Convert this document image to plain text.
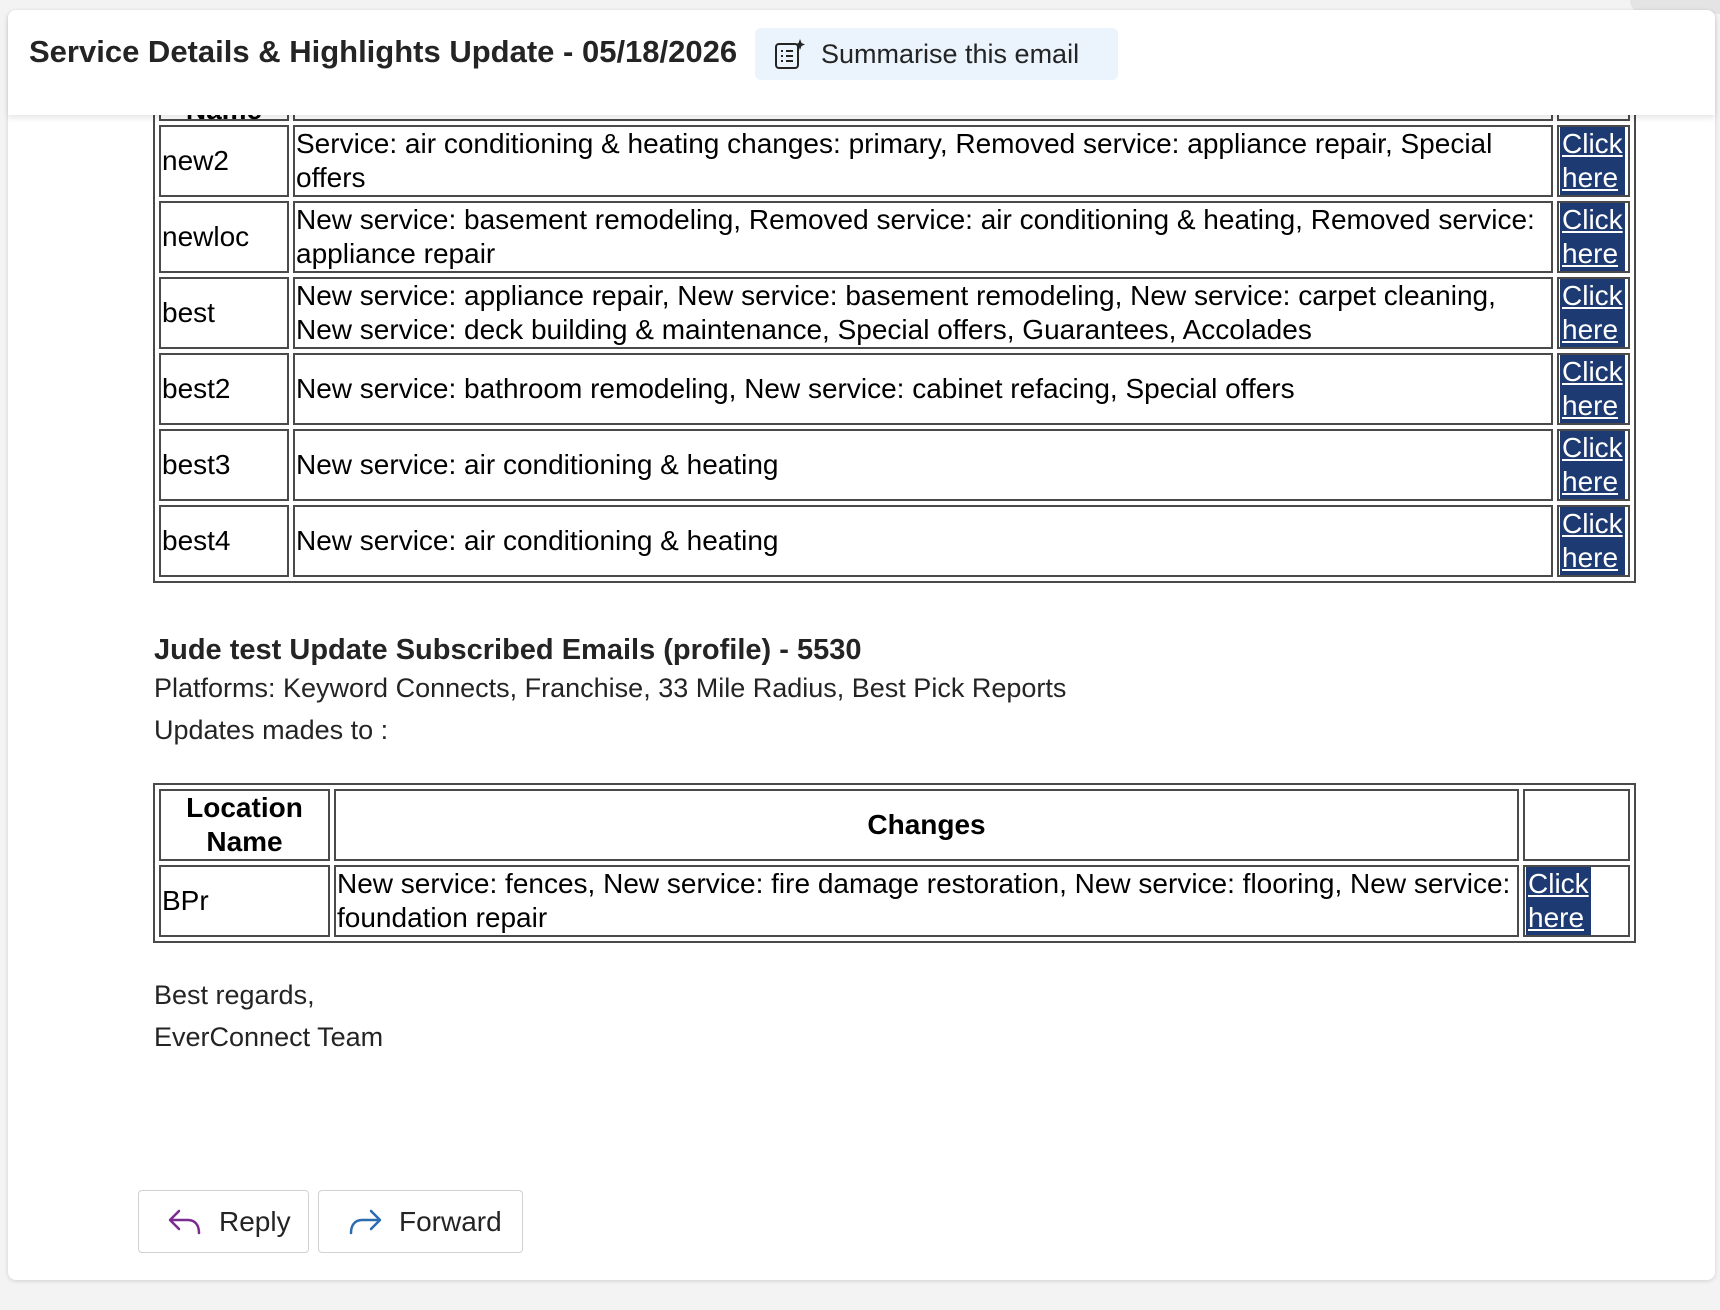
new2	Service: air conditioning & heating changes: primary, Removed service: appliance repair, Special offers	Click
here
newloc	New service: basement remodeling, Removed service: air conditioning & heating, Removed service: appliance repair	Click
here
best	New service: appliance repair, New service: basement remodeling, New service: carpet cleaning, New service: deck building & maintenance, Special offers, Guarantees, Accolades	Click
here
best2	New service: bathroom remodeling, New service: cabinet refacing, Special offers	Click
here
best3	New service: air conditioning & heating	Click
here
best4	New service: air conditioning & heating	Click
here
Jude test Update Subscribed Emails (profile) - 5530
Platforms: Keyword Connects, Franchise, 33 Mile Radius, Best Pick Reports
Updates mades to :
Location Name	Changes	
BPr	New service: fences, New service: fire damage restoration, New service: flooring, New service: foundation repair	Click
here
Best regards,
EverConnect Team
Reply	Forward
Service Details & Highlights Update - 05/18/2026	Summarise this email
